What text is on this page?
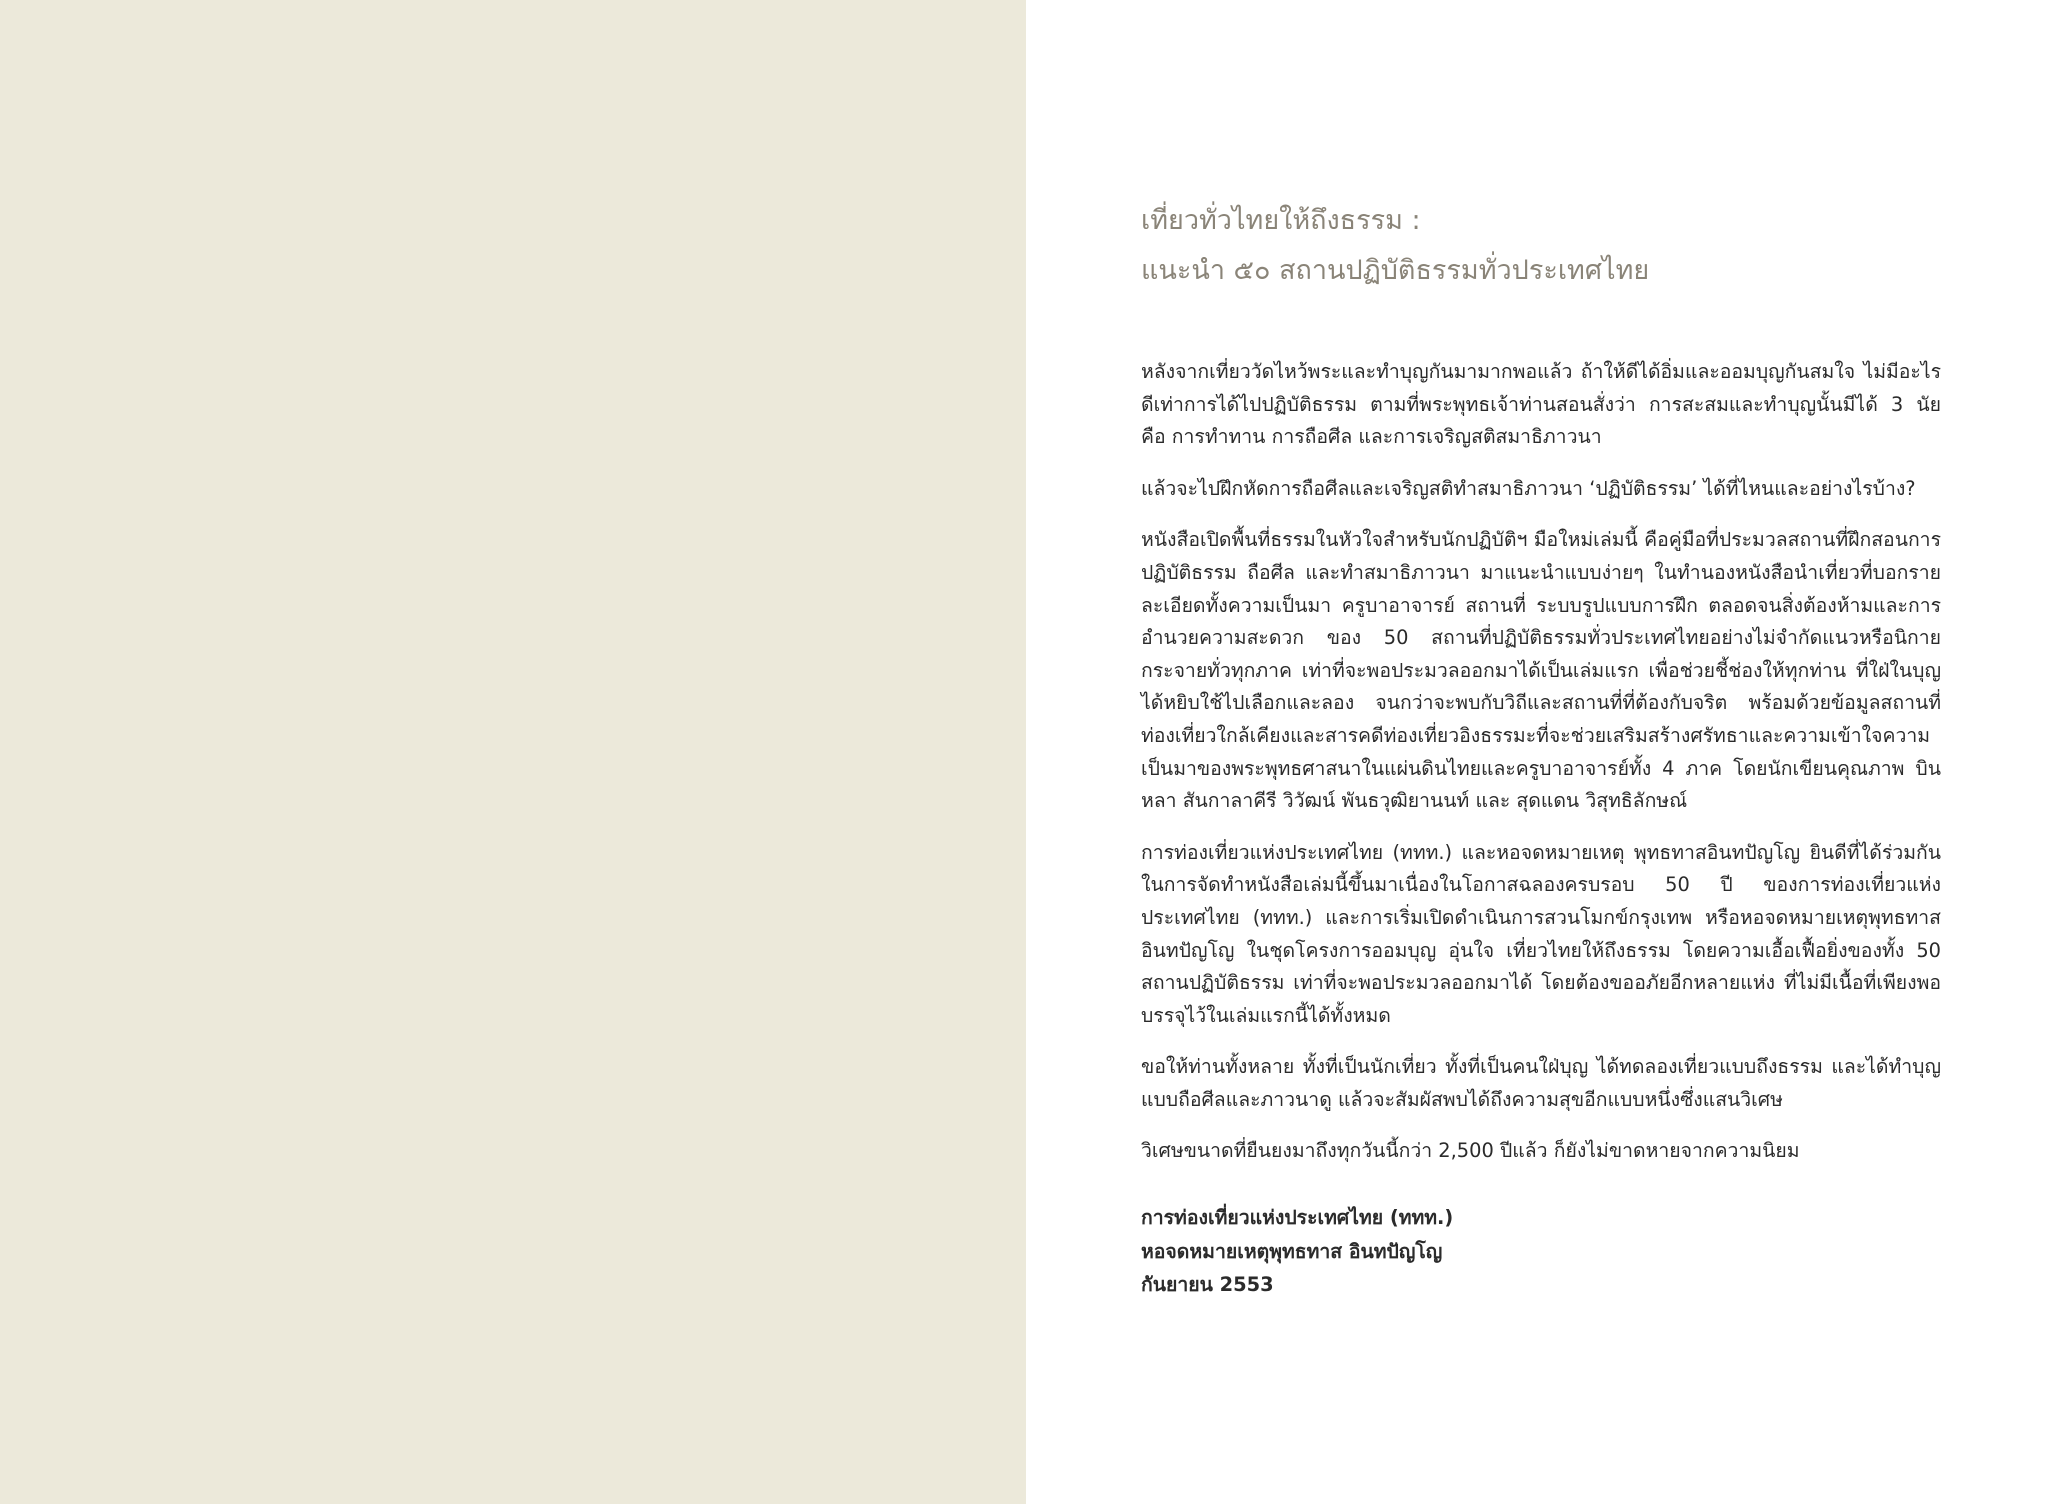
เที่ยวทั่วไทยให้ถึงธรรม :
แนะนำ ๕๐ สถานปฏิบัติธรรมทั่วประเทศไทย

หลังจากเที่ยววัดไหว้พระและทำบุญกันมามากพอแล้ว ถ้าให้ดีได้อิ่มและออมบุญกันสมใจ ไม่มีอะไรดีเท่าการได้ไปปฏิบัติธรรม ตามที่พระพุทธเจ้าท่านสอนสั่งว่า การสะสมและทำบุญนั้นมีได้ 3 นัย คือ การทำทาน การถือศีล และการเจริญสติสมาธิภาวนา

แล้วจะไปฝึกหัดการถือศีลและเจริญสติทำสมาธิภาวนา ‘ปฏิบัติธรรม’ ได้ที่ไหนและอย่างไรบ้าง?

หนังสือเปิดพื้นที่ธรรมในหัวใจสำหรับนักปฏิบัติฯ มือใหม่เล่มนี้ คือคู่มือที่ประมวลสถานที่ฝึกสอนการปฏิบัติธรรม ถือศีล และทำสมาธิภาวนา มาแนะนำแบบง่ายๆ ในทำนองหนังสือนำเที่ยวที่บอกรายละเอียดทั้งความเป็นมา ครูบาอาจารย์ สถานที่ ระบบรูปแบบการฝึก ตลอดจนสิ่งต้องห้ามและการอำนวยความสะดวก ของ 50 สถานที่ปฏิบัติธรรมทั่วประเทศไทยอย่างไม่จำกัดแนวหรือนิกาย กระจายทั่วทุกภาค เท่าที่จะพอประมวลออกมาได้เป็นเล่มแรก เพื่อช่วยชี้ช่องให้ทุกท่าน ที่ใฝ่ในบุญได้หยิบใช้ไปเลือกและลอง จนกว่าจะพบกับวิถีและสถานที่ที่ต้องกับจริต พร้อมด้วยข้อมูลสถานที่ท่องเที่ยวใกล้เคียงและสารคดีท่องเที่ยวอิงธรรมะที่จะช่วยเสริมสร้างศรัทธาและความเข้าใจความเป็นมาของพระพุทธศาสนาในแผ่นดินไทยและครูบาอาจารย์ทั้ง 4 ภาค โดยนักเขียนคุณภาพ บินหลา สันกาลาคีรี วิวัฒน์ พันธวุฒิยานนท์ และ สุดแดน วิสุทธิลักษณ์

การท่องเที่ยวแห่งประเทศไทย (ททท.) และหอจดหมายเหตุ พุทธทาสอินทปัญโญ ยินดีที่ได้ร่วมกันในการจัดทำหนังสือเล่มนี้ขึ้นมาเนื่องในโอกาสฉลองครบรอบ 50 ปี ของการท่องเที่ยวแห่งประเทศไทย (ททท.) และการเริ่มเปิดดำเนินการสวนโมกข์กรุงเทพ หรือหอจดหมายเหตุพุทธทาส อินทปัญโญ ในชุดโครงการออมบุญ อุ่นใจ เที่ยวไทยให้ถึงธรรม โดยความเอื้อเฟื้อยิ่งของทั้ง 50 สถานปฏิบัติธรรม เท่าที่จะพอประมวลออกมาได้ โดยต้องขออภัยอีกหลายแห่ง ที่ไม่มีเนื้อที่เพียงพอบรรจุไว้ในเล่มแรกนี้ได้ทั้งหมด

ขอให้ท่านทั้งหลาย ทั้งที่เป็นนักเที่ยว ทั้งที่เป็นคนใฝ่บุญ ได้ทดลองเที่ยวแบบถึงธรรม และได้ทำบุญแบบถือศีลและภาวนาดู แล้วจะสัมผัสพบได้ถึงความสุขอีกแบบหนึ่งซึ่งแสนวิเศษ

วิเศษขนาดที่ยืนยงมาถึงทุกวันนี้กว่า 2,500 ปีแล้ว ก็ยังไม่ขาดหายจากความนิยม

การท่องเที่ยวแห่งประเทศไทย (ททท.)
หอจดหมายเหตุพุทธทาส อินทปัญโญ
กันยายน 2553
